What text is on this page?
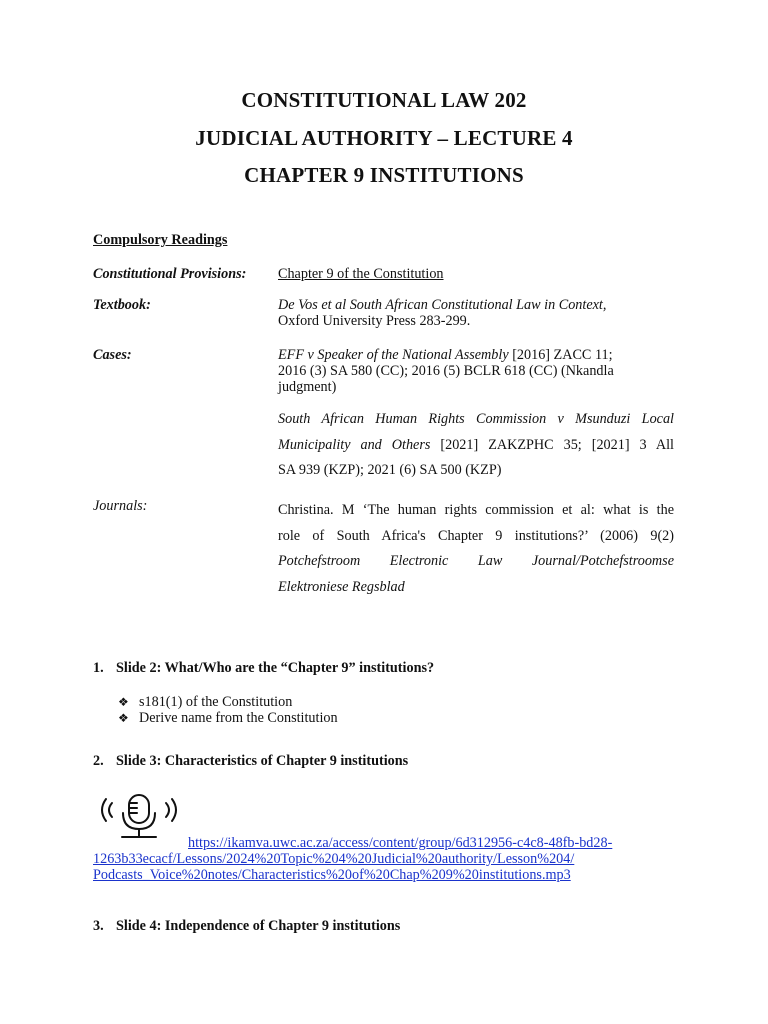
CONSTITUTIONAL LAW 202
JUDICIAL AUTHORITY – LECTURE 4
CHAPTER 9 INSTITUTIONS
Compulsory Readings
Constitutional Provisions: Chapter 9 of the Constitution
Textbook:	De Vos et al South African Constitutional Law in Context,
Oxford University Press 283-299.
Cases:	EFF v Speaker of the National Assembly [2016] ZACC 11;
2016 (3) SA 580 (CC); 2016 (5) BCLR 618 (CC) (Nkandla
judgment)
South African Human Rights Commission v Msunduzi Local
Municipality and Others [2021] ZAKZPHC 35; [2021] 3 All
SA 939 (KZP); 2021 (6) SA 500 (KZP)
Journals:	Christina. M ‘The human rights commission et al: what is the
role of South Africa's Chapter 9 institutions?’ (2006) 9(2)
Potchefstroom Electronic Law Journal/Potchefstroomse
Elektroniese Regsblad
1. Slide 2: What/Who are the “Chapter 9” institutions?
❖ s181(1) of the Constitution
❖ Derive name from the Constitution
2. Slide 3: Characteristics of Chapter 9 institutions
https://ikamva.uwc.ac.za/access/content/group/6d312956-c4c8-48fb-bd28-
1263b33ecacf/Lessons/2024%20Topic%204%20Judicial%20authority/Lesson%204/
Podcasts_Voice%20notes/Characteristics%20of%20Chap%209%20institutions.mp3
3. Slide 4: Independence of Chapter 9 institutions
